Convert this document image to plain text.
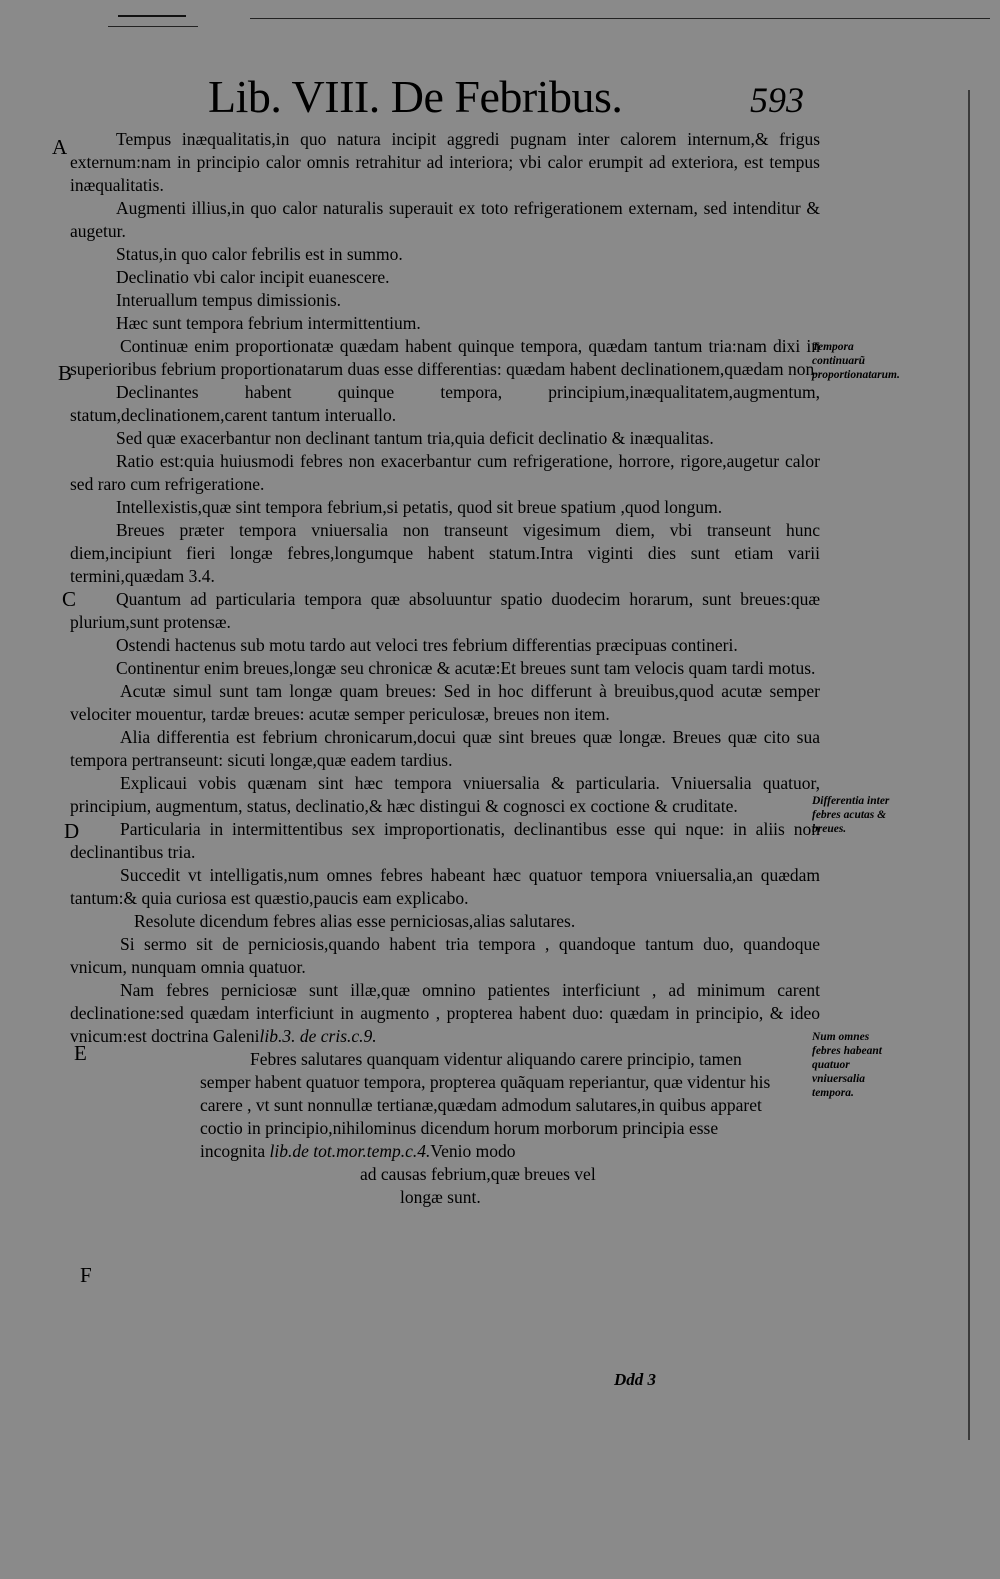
Lib. VIII. De Febribus.	593
A
B
C
D
E
F
Tempora continuarũ proportionatarum.
Differentia inter febres acutas & breues.
Num omnes febres habeant quatuor vniuersalia tempora.

Tempus inæqualitatis,in quo natura incipit aggredi pugnam inter calorem internum,& frigus externum:nam in principio calor omnis retrahitur ad interiora; vbi calor erumpit ad exteriora, est tempus inæqualitatis.

Augmenti illius,in quo calor naturalis superauit ex toto refrigerationem externam, sed intenditur & augetur.

Status,in quo calor febrilis est in summo.

Declinatio vbi calor incipit euanescere.

Interuallum tempus dimissionis.

Hæc sunt tempora febrium intermittentium.

Continuæ enim proportionatæ quædam habent quinque tempora, quædam tantum tria:nam dixi in superioribus febrium proportionatarum duas esse differentias: quædam habent declinationem,quædam non.

Declinantes habent quinque tempora, principium,inæqualitatem,augmentum, statum,declinationem,carent tantum interuallo.

Sed quæ exacerbantur non declinant tantum tria,quia deficit declinatio & inæqualitas.

Ratio est:quia huiusmodi febres non exacerbantur cum refrigeratione, horrore, rigore,augetur calor sed raro cum refrigeratione.

Intellexistis,quæ sint tempora febrium,si petatis, quod sit breue spatium ,quod longum.

Breues præter tempora vniuersalia non transeunt vigesimum diem, vbi transeunt hunc diem,incipiunt fieri longæ febres,longumque habent statum.Intra viginti dies sunt etiam varii termini,quædam 3.4.

Quantum ad particularia tempora quæ absoluuntur spatio duodecim horarum, sunt breues:quæ plurium,sunt protensæ.

Ostendi hactenus sub motu tardo aut veloci tres febrium differentias præcipuas contineri.

Continentur enim breues,longæ seu chronicæ & acutæ:Et breues sunt tam velocis quam tardi motus.

Acutæ simul sunt tam longæ quam breues: Sed in hoc differunt à breuibus,quod acutæ semper velociter mouentur, tardæ breues: acutæ semper periculosæ, breues non item.

Alia differentia est febrium chronicarum,docui quæ sint breues quæ longæ. Breues quæ cito sua tempora pertranseunt: sicuti longæ,quæ eadem tardius.

Explicaui vobis quænam sint hæc tempora vniuersalia & particularia. Vniuersalia quatuor, principium, augmentum, status, declinatio,& hæc distingui & cognosci ex coctione & cruditate.

Particularia in intermittentibus sex improportionatis, declinantibus esse qui nque: in aliis non declinantibus tria.

Succedit vt intelligatis,num omnes febres habeant hæc quatuor tempora vniuersalia,an quædam tantum:& quia curiosa est quæstio,paucis eam explicabo.

Resolute dicendum febres alias esse perniciosas,alias salutares.

Si sermo sit de perniciosis,quando habent tria tempora , quandoque tantum duo, quandoque vnicum, nunquam omnia quatuor.

Nam febres perniciosæ sunt illæ,quæ omnino patientes interficiunt , ad minimum carent declinatione:sed quædam interficiunt in augmento , propterea habent duo: quædam in principio, & ideo vnicum:est doctrina Galenilib.3. de cris.c.9.

Febres salutares quanquam videntur aliquando carere principio, tamen semper habent quatuor tempora, propterea quãquam reperiantur, quæ videntur his carere , vt sunt nonnullæ tertianæ,quædam admodum salutares,in quibus apparet coctio in principio,nihilominus dicendum horum morborum principia esse incognita lib.de tot.mor.temp.c.4.Venio modo

ad causas febrium,quæ breues vel

longæ sunt.

Ddd 3
